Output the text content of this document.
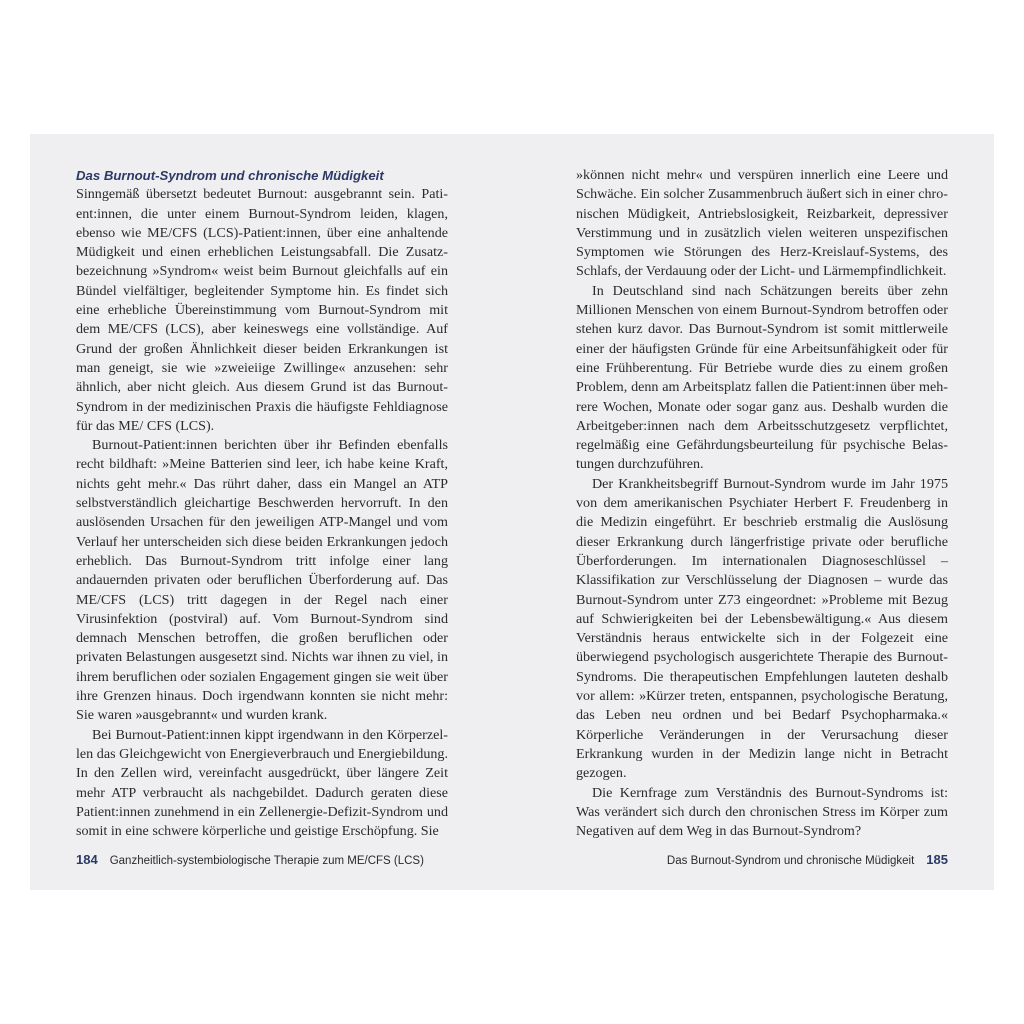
Das Burnout-Syndrom und chronische Müdigkeit

Sinngemäß übersetzt bedeutet Burnout: ausgebrannt sein. Patient:innen, die unter einem Burnout-Syndrom leiden, klagen, ebenso wie ME/CFS (LCS)-Patient:innen, über eine anhaltende Müdigkeit und einen erheblichen Leistungsabfall. Die Zusatzbezeichnung »Syndrom« weist beim Burnout gleichfalls auf ein Bündel vielfältiger, begleitender Symptome hin. Es findet sich eine erhebliche Übereinstimmung vom Burnout-Syndrom mit dem ME/CFS (LCS), aber keineswegs eine vollständige. Auf Grund der großen Ähnlichkeit dieser beiden Erkrankungen ist man geneigt, sie wie »zweieiige Zwillinge« anzusehen: sehr ähnlich, aber nicht gleich. Aus diesem Grund ist das Burnout-Syndrom in der medizinischen Praxis die häufigste Fehldiagnose für das ME/ CFS (LCS).

Burnout-Patient:innen berichten über ihr Befinden ebenfalls recht bildhaft: »Meine Batterien sind leer, ich habe keine Kraft, nichts geht mehr.« Das rührt daher, dass ein Mangel an ATP selbstverständlich gleichartige Beschwerden hervorruft. In den auslösenden Ursachen für den jeweiligen ATP-Mangel und vom Verlauf her unterscheiden sich diese beiden Erkrankungen jedoch erheblich. Das Burnout-Syndrom tritt infolge einer lang andauernden privaten oder beruflichen Überforderung auf. Das ME/CFS (LCS) tritt dagegen in der Regel nach einer Virusinfektion (postviral) auf. Vom Burnout-Syndrom sind demnach Menschen betroffen, die großen beruflichen oder privaten Belastungen ausgesetzt sind. Nichts war ihnen zu viel, in ihrem beruflichen oder sozialen Engagement gingen sie weit über ihre Grenzen hinaus. Doch irgendwann konnten sie nicht mehr: Sie waren »ausgebrannt« und wurden krank.

Bei Burnout-Patient:innen kippt irgendwann in den Körperzellen das Gleichgewicht von Energieverbrauch und Energiebildung. In den Zellen wird, vereinfacht ausgedrückt, über längere Zeit mehr ATP verbraucht als nachgebildet. Dadurch geraten diese Patient:innen zunehmend in ein Zellenergie-Defizit-Syndrom und somit in eine schwere körperliche und geistige Erschöpfung. Sie

»können nicht mehr« und verspüren innerlich eine Leere und Schwäche. Ein solcher Zusammenbruch äußert sich in einer chronischen Müdigkeit, Antriebslosigkeit, Reizbarkeit, depressiver Verstimmung und in zusätzlich vielen weiteren unspezifischen Symptomen wie Störungen des Herz-Kreislauf-Systems, des Schlafs, der Verdauung oder der Licht- und Lärmempfindlichkeit.

In Deutschland sind nach Schätzungen bereits über zehn Millionen Menschen von einem Burnout-Syndrom betroffen oder stehen kurz davor. Das Burnout-Syndrom ist somit mittlerweile einer der häufigsten Gründe für eine Arbeitsunfähigkeit oder für eine Frühberentung. Für Betriebe wurde dies zu einem großen Problem, denn am Arbeitsplatz fallen die Patient:innen über mehrere Wochen, Monate oder sogar ganz aus. Deshalb wurden die Arbeitgeber:innen nach dem Arbeitsschutzgesetz verpflichtet, regelmäßig eine Gefährdungsbeurteilung für psychische Belastungen durchzuführen.

Der Krankheitsbegriff Burnout-Syndrom wurde im Jahr 1975 von dem amerikanischen Psychiater Herbert F. Freudenberg in die Medizin eingeführt. Er beschrieb erstmalig die Auslösung dieser Erkrankung durch längerfristige private oder berufliche Überforderungen. Im internationalen Diagnoseschlüssel – Klassifikation zur Verschlüsselung der Diagnosen – wurde das Burnout-Syndrom unter Z73 eingeordnet: »Probleme mit Bezug auf Schwierigkeiten bei der Lebensbewältigung.« Aus diesem Verständnis heraus entwickelte sich in der Folgezeit eine überwiegend psychologisch ausgerichtete Therapie des Burnout-Syndroms. Die therapeutischen Empfehlungen lauteten deshalb vor allem: »Kürzer treten, entspannen, psychologische Beratung, das Leben neu ordnen und bei Bedarf Psychopharmaka.« Körperliche Veränderungen in der Verursachung dieser Erkrankung wurden in der Medizin lange nicht in Betracht gezogen.

Die Kernfrage zum Verständnis des Burnout-Syndroms ist: Was verändert sich durch den chronischen Stress im Körper zum Negativen auf dem Weg in das Burnout-Syndrom?

184 Ganzheitlich-systembiologische Therapie zum ME/CFS (LCS)	Das Burnout-Syndrom und chronische Müdigkeit 185
